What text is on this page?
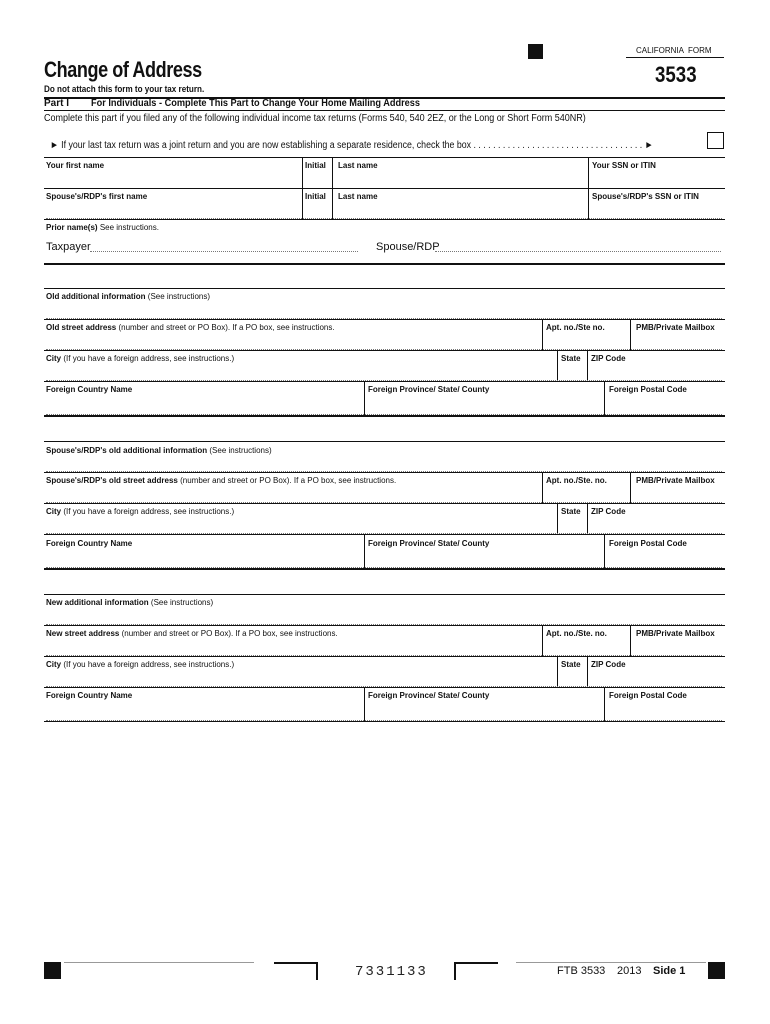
CALIFORNIA  FORM
Change of Address	3533
Do not attach this form to your tax return.
Part I For Individuals - Complete This Part to Change Your Home Mailing Address
Complete this part if you filed any of the following individual income tax returns (Forms 540, 540 2EZ, or the Long or Short Form 540NR)
► If your last tax return was a joint return and you are now establishing a separate residence, check the box . . . . . . . . . . . . . . . . . . . . . . . . . . . . . . . . . . . ►
Your first name	Initial Last name	Your SSN or ITIN
Spouse's/RDP's first name	Initial Last name	Spouse's/RDP's SSN or ITIN
Prior name(s) See instructions.
Taxpayer	Spouse/RDP
Old additional information (See instructions)
Old street address (number and street or PO Box). If a PO box, see instructions.	Apt. no./Ste no.	PMB/Private Mailbox
City (If you have a foreign address, see instructions.)	State ZIP Code
Foreign Country Name	Foreign Province/ State/ County	Foreign Postal Code
Spouse's/RDP's old additional information (See instructions)
Spouse's/RDP's old street address (number and street or PO Box). If a PO box, see instructions.	Apt. no./Ste. no.	PMB/Private Mailbox
City (If you have a foreign address, see instructions.)	State ZIP Code
Foreign Country Name	Foreign Province/ State/ County	Foreign Postal Code
New additional information (See instructions)
New street address (number and street or PO Box). If a PO box, see instructions.	Apt. no./Ste. no.	PMB/Private Mailbox
City (If you have a foreign address, see instructions.)	State ZIP Code
Foreign Country Name	Foreign Province/ State/ County	Foreign Postal Code
7331133	FTB 3533 2013 Side 1
